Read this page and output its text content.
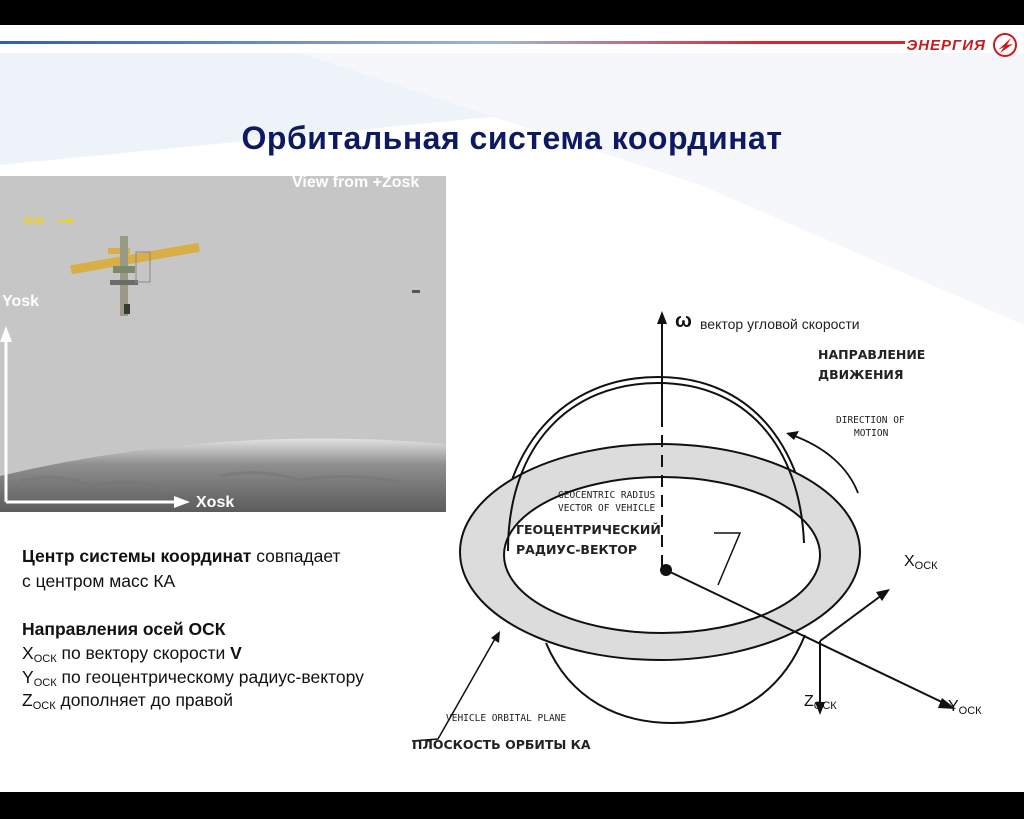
ЭНЕРГИЯ
Орбитальная система координат
View from +Zosk
SUN
Yosk
Xosk
Центр системы координат совпадает
с центром масс КА
Направления осей ОСК
$X_{ОСК}$ по вектору скорости V
$Y_{ОСК}$ по геоцентрическому радиус-вектору
$Z_{ОСК}$ дополняет до правой
ω вектор угловой скорости
НАПРАВЛЕНИЕ
ДВИЖЕНИЯ
DIRECTION OF
MOTION
GEOCENTRIC RADIUS
VECTOR OF VEHICLE
ГЕОЦЕНТРИЧЕСКИЙ
РАДИУС-ВЕКТОР
$X_{ОСК}$
$Z_{ОСК}$	$Y_{ОСК}$
VEHICLE ORBITAL PLANE
ПЛОСКОСТЬ ОРБИТЫ КА
